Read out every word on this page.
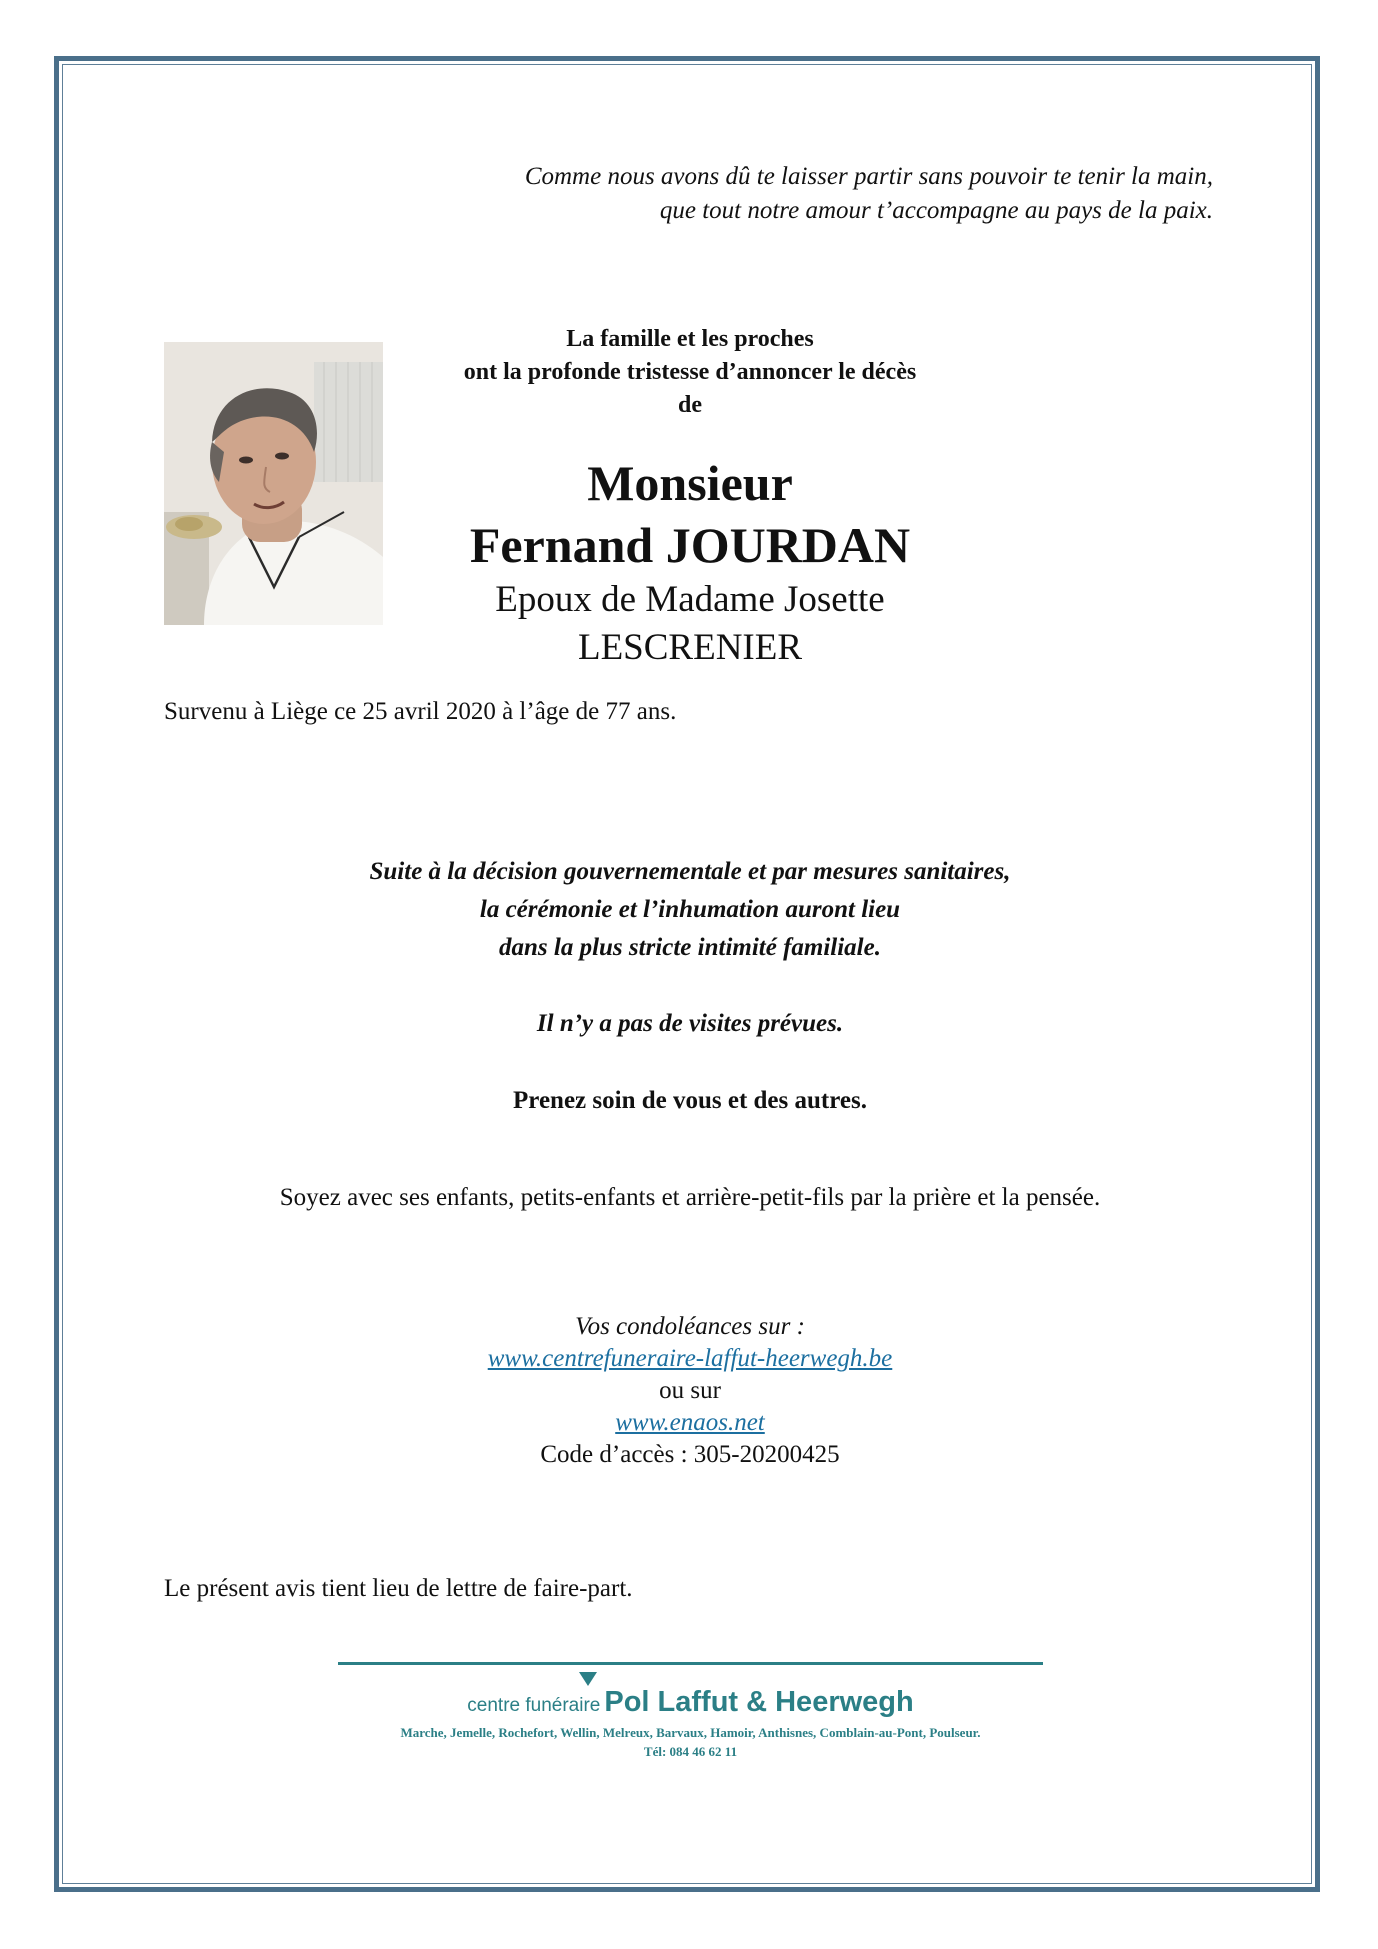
Comme nous avons dû te laisser partir sans pouvoir te tenir la main,
que tout notre amour t’accompagne au pays de la paix.
La famille et les proches
ont la profonde tristesse d’annoncer le décès de
Monsieur
Fernand JOURDAN
Epoux de Madame Josette LESCRENIER
Survenu à Liège ce 25 avril 2020 à l’âge de 77 ans.
Suite à la décision gouvernementale et par mesures sanitaires,
la cérémonie et l’inhumation auront lieu
dans la plus stricte intimité familiale.
Il n’y a pas de visites prévues.
Prenez soin de vous et des autres.
Soyez avec ses enfants, petits-enfants et arrière-petit-fils par la prière et la pensée.
Vos condoléances sur :
www.centrefuneraire-laffut-heerwegh.be
ou sur
www.enaos.net
Code d’accès : 305-20200425
Le présent avis tient lieu de lettre de faire-part.
centre funéraire Pol Laffut & Heerwegh
Marche, Jemelle, Rochefort, Wellin, Melreux, Barvaux, Hamoir, Anthisnes, Comblain-au-Pont, Poulseur.
Tél: 084 46 62 11
